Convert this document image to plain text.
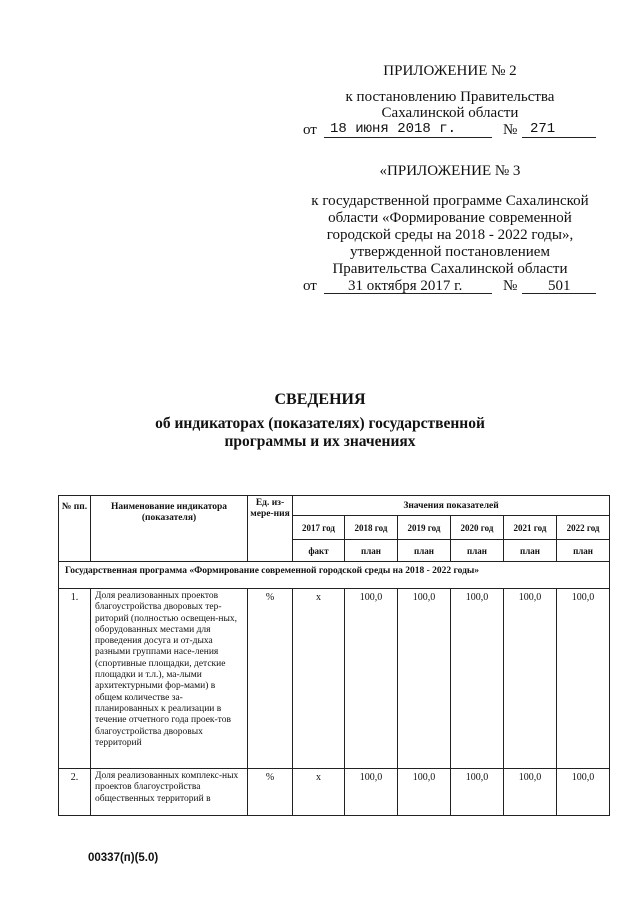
ПРИЛОЖЕНИЕ № 2
к постановлению Правительства
Сахалинской области
от 18 июня 2018 г.	№ 271
«ПРИЛОЖЕНИЕ № 3
к государственной программе Сахалинской
области «Формирование современной
городской среды на 2018 - 2022 годы»,
утвержденной постановлением
Правительства Сахалинской области
от 31 октября 2017 г.	№ 501
СВЕДЕНИЯ
об индикаторах (показателях) государственной
программы и их значениях
№ пп.	Наименование индикатора (показателя)	Ед. из-мере-ния	Значения показателей					
			2017 год	2018 год	2019 год	2020 год	2021 год	2022 год
			факт	план	план	план	план	план
Государственная программа «Формирование современной городской среды на 2018 - 2022 годы»								
1.	Доля реализованных проектов благоустройства дворовых тер-риторий (полностью освещен-ных, оборудованных местами для проведения досуга и от-дыха разными группами насе-ления (спортивные площадки, детские площадки и т.л.), ма-лыми архитектурными фор-мами) в общем количестве за-планированных к реализации в течение отчетного года проек-тов благоустройства дворовых территорий	%	x	100,0	100,0	100,0	100,0	100,0
2.	Доля реализованных комплекс-ных проектов благоустройства общественных территорий в	%	x	100,0	100,0	100,0	100,0	100,0
00337(п)(5.0)
